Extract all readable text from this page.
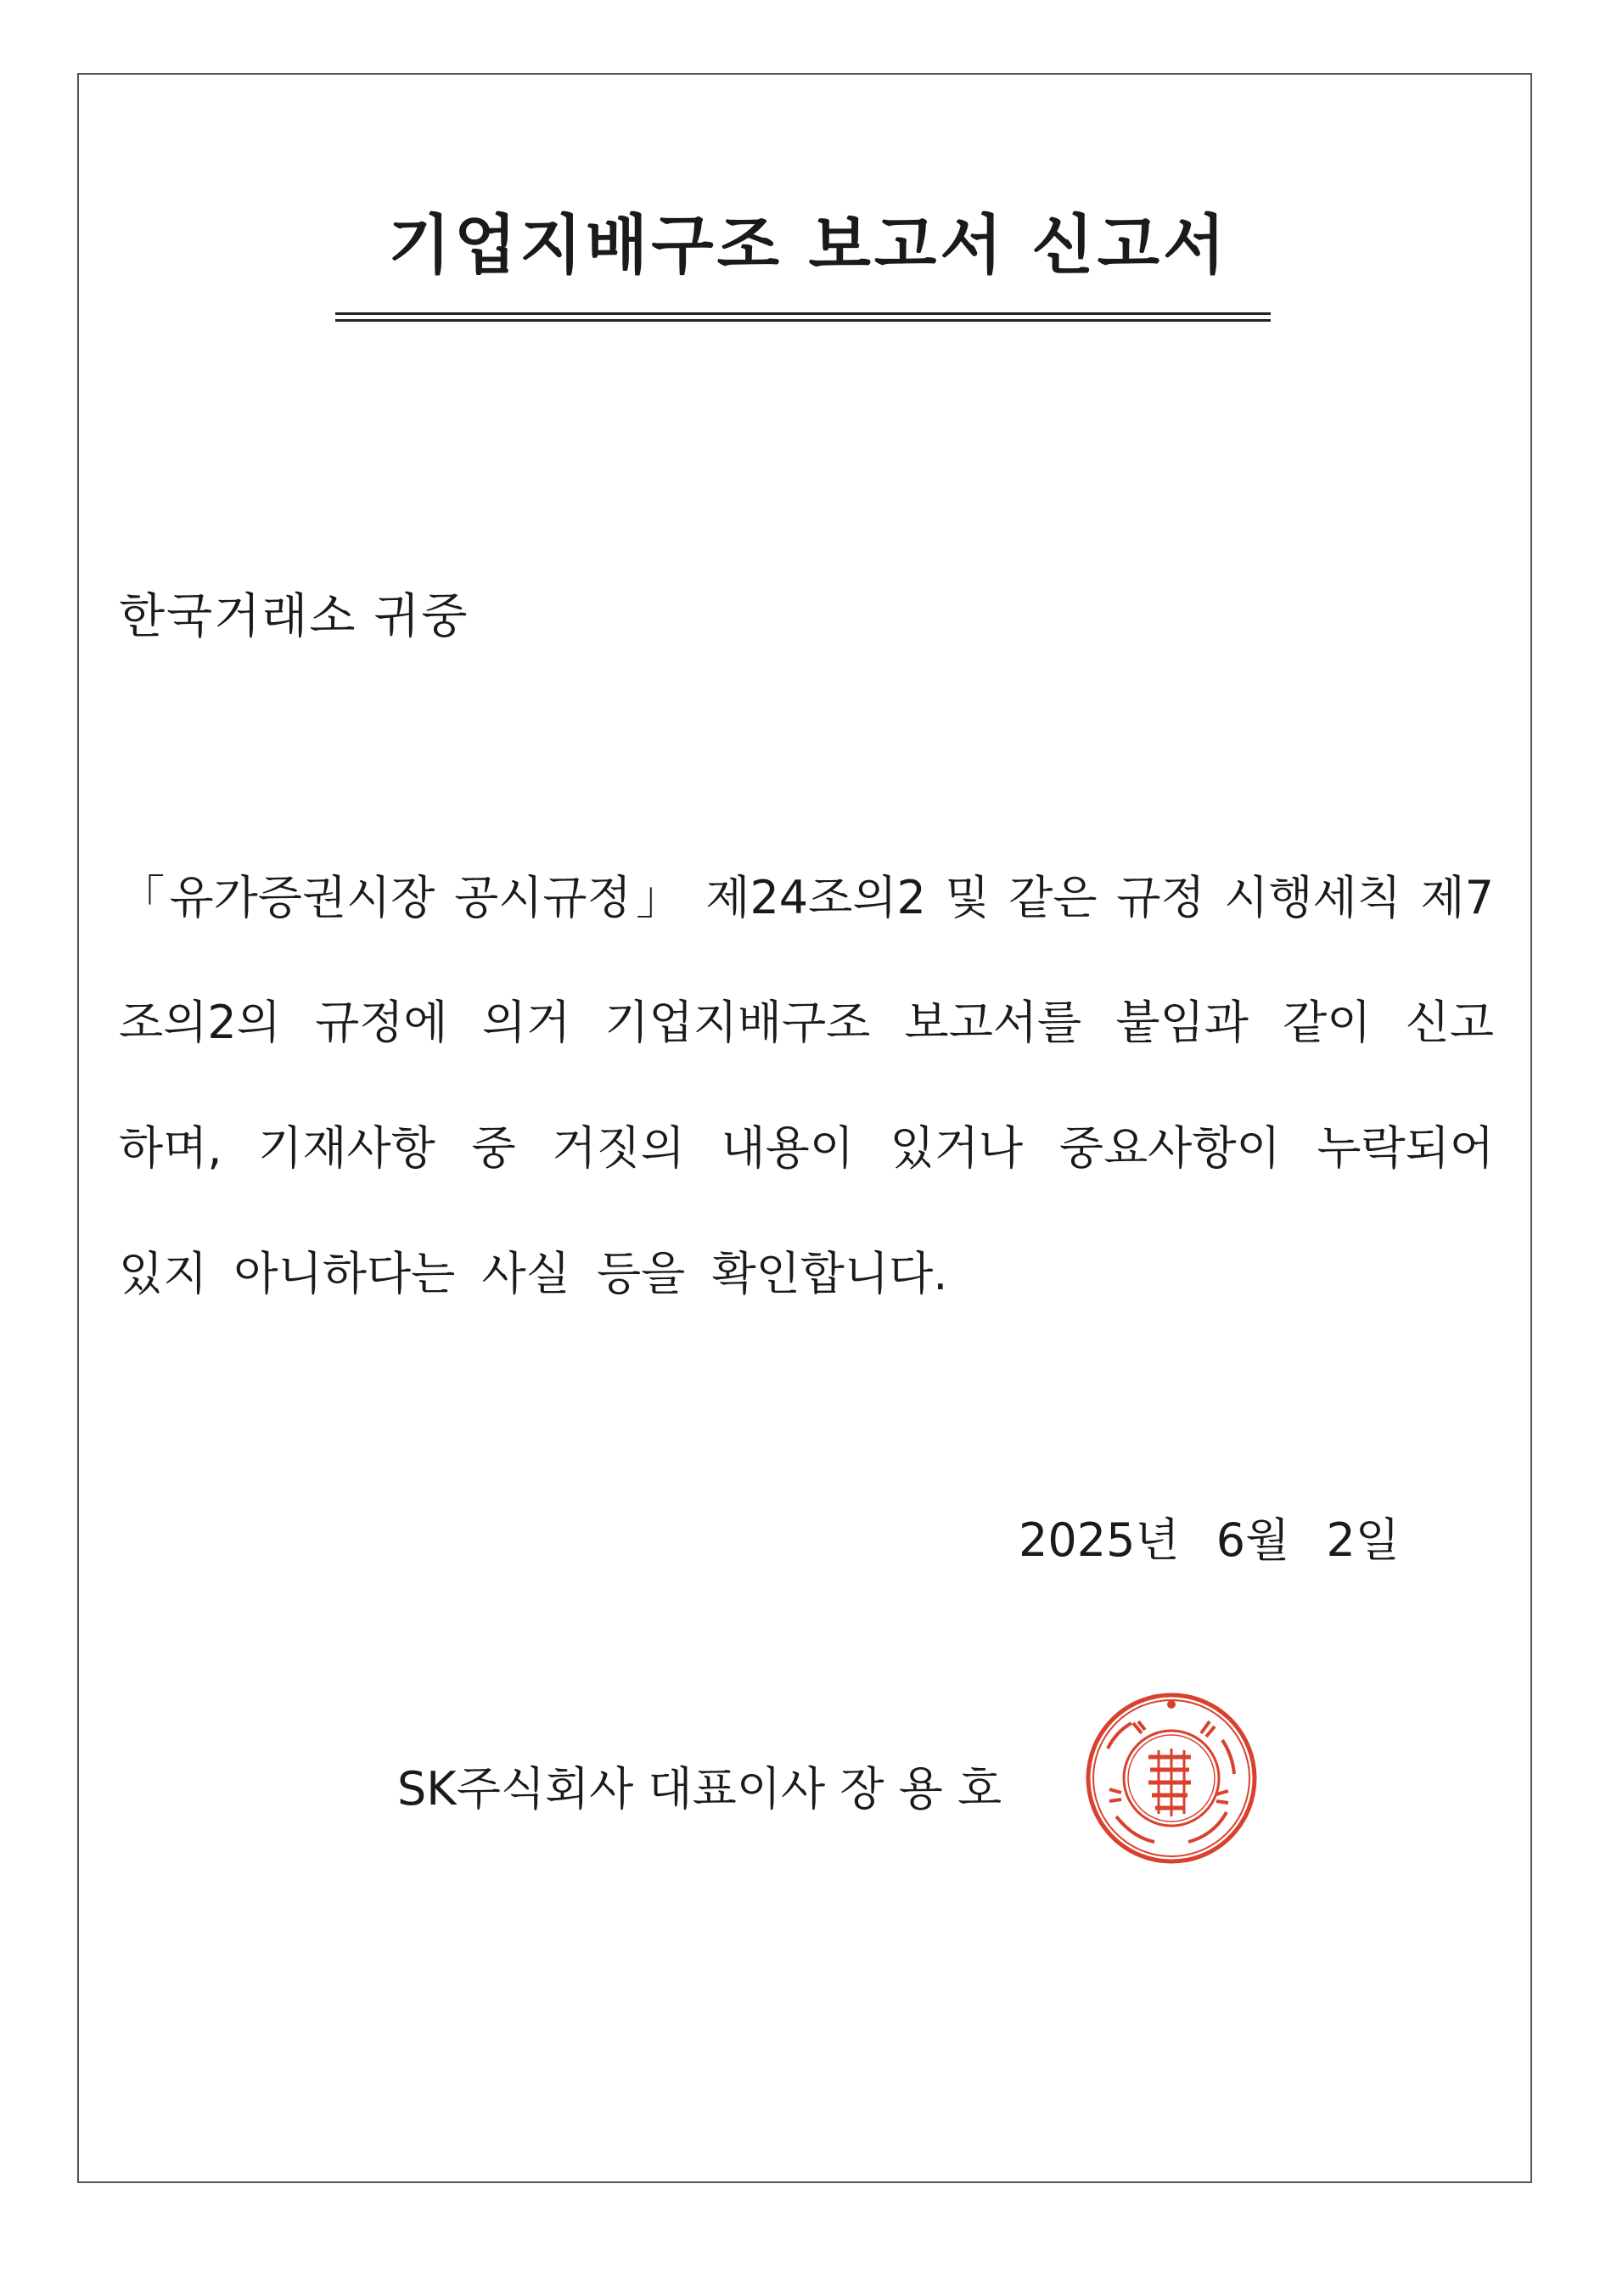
기업지배구조 보고서 신고서
한국거래소 귀중
「유가증권시장 공시규정」 제24조의2 및 같은 규정 시행세칙 제7
조의2의 규정에 의거 기업지배구조 보고서를 붙임과 같이 신고
하며, 기재사항 중 거짓의 내용이 있거나 중요사항이 누락되어
있지 아니하다는 사실 등을 확인합니다.
2025년 6월 2일
SK주식회사 대표이사 장 용 호
